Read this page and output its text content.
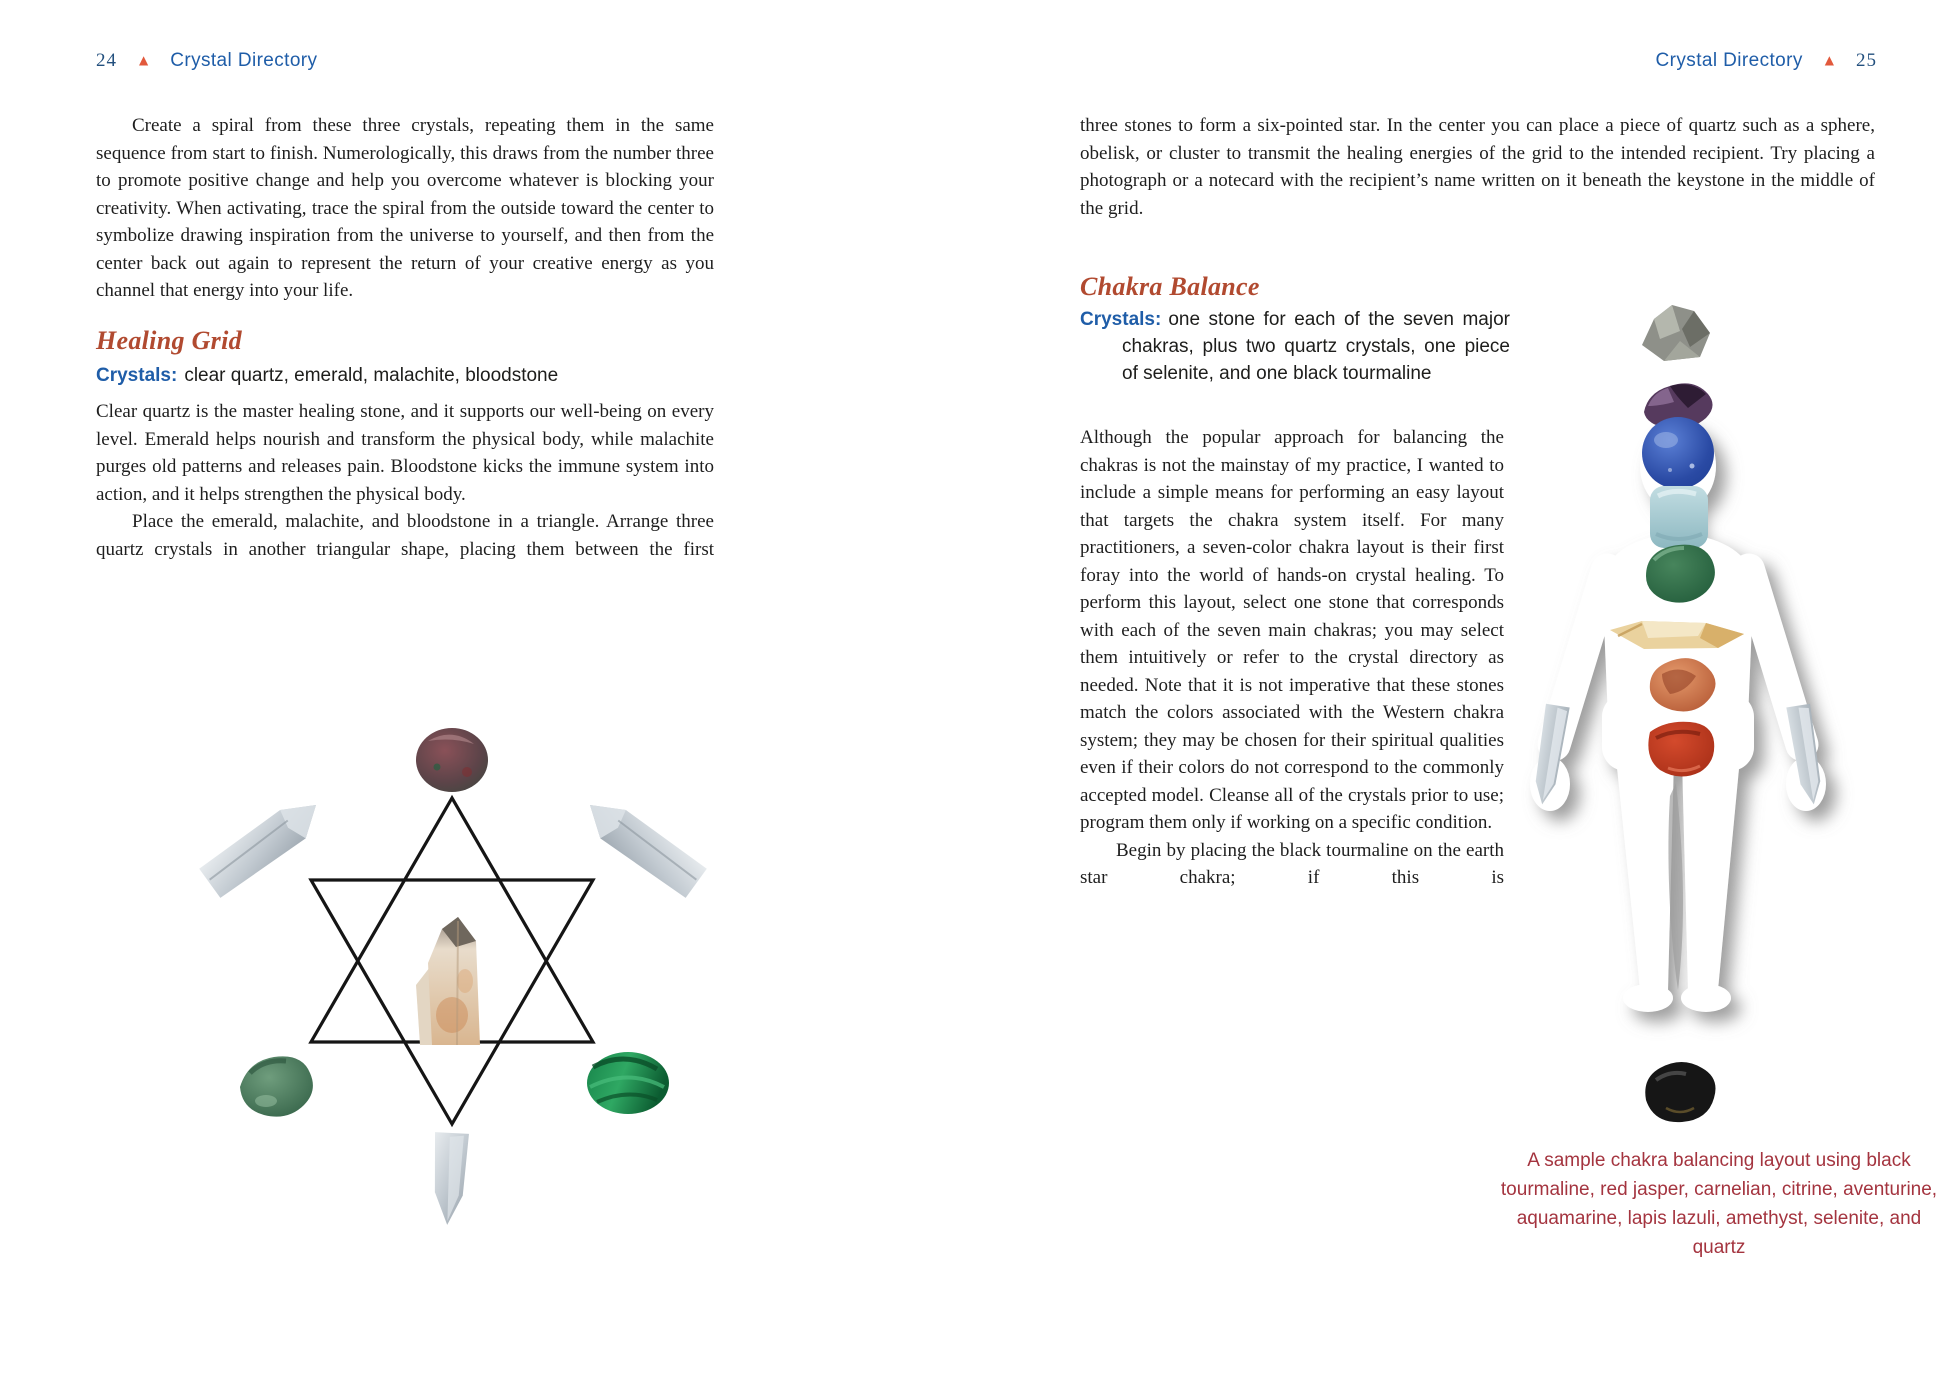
24 ▲ Crystal Directory

Create a spiral from these three crystals, repeating them in the same sequence from start to finish. Numerologically, this draws from the number three to promote positive change and help you overcome whatever is blocking your creativity. When activating, trace the spiral from the outside toward the center to symbolize drawing inspiration from the universe to yourself, and then from the center back out again to represent the return of your creative energy as you channel that energy into your life.

Healing Grid

Crystals: clear quartz, emerald, malachite, bloodstone

Clear quartz is the master healing stone, and it supports our well-being on every level. Emerald helps nourish and transform the physical body, while malachite purges old patterns and releases pain. Bloodstone kicks the immune system into action, and it helps strengthen the physical body.

Place the emerald, malachite, and bloodstone in a triangle. Arrange three quartz crystals in another triangular shape, placing them between the first

Crystal Directory ▲ 25

three stones to form a six-pointed star. In the center you can place a piece of quartz such as a sphere, obelisk, or cluster to transmit the healing energies of the grid to the intended recipient. Try placing a photograph or a notecard with the recipient’s name written on it beneath the keystone in the middle of the grid.

Chakra Balance

Crystals: one stone for each of the seven major chakras, plus two quartz crystals, one piece of selenite, and one black tourmaline

Although the popular approach for balancing the chakras is not the mainstay of my practice, I wanted to include a simple means for performing an easy layout that targets the chakra system itself. For many practitioners, a seven-color chakra layout is their first foray into the world of hands-on crystal healing. To perform this layout, select one stone that corresponds with each of the seven main chakras; you may select them intuitively or refer to the crystal directory as needed. Note that it is not imperative that these stones match the colors associated with the Western chakra system; they may be chosen for their spiritual qualities even if their colors do not correspond to the commonly accepted model. Cleanse all of the crystals prior to use; program them only if working on a specific condition.

Begin by placing the black tourmaline on the earth star chakra; if this is

A sample chakra balancing layout using black tourmaline, red jasper, carnelian, citrine, aventurine, aquamarine, lapis lazuli, amethyst, selenite, and quartz
